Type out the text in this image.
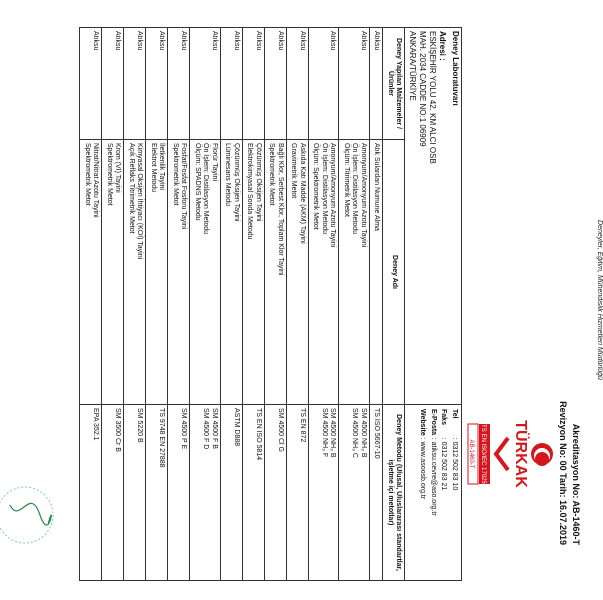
Deneyler, Eğitim, Mühendislik Hizmetleri Müdürlüğü
Akreditasyon No: AB-1460-T
Revizyon No: 00 Tarih: 16.07.2019
TÜRKAK
TS EN ISO/IEC 17025
AB-1460-T
Deney Laboratuvarı
Adresi :
ESKİŞEHİR YOLU 42. KM ALCI OSB
MAH. 2034 CADDE NO:1 06909
ANKARA/TÜRKİYE

Tel	: 0312 502 83 10
Faks	: 0312 502 83 21
E-Posta	: atiksu.cevre@aso.org.tr
Website	: www.asoosb.org.tr

Deney Yapılan Malzemeler / Ürünler	Deney Adı	Deney Metodu (Ulusal, Uluslararası standartlar, işletme içi metotlar)
Atıksu	
Atık Sulardan Numune Alma

TS ISO 5667-10

Atıksu	
Amonyum/Amonyum Azotu Tayini
Ön İşlem: Distilasyon Metodu
Ölçüm: Titrimetrik Metot

SM 4500 NH₃ B
SM 4500 NH₃ C

Atıksu	
Amonyum/Amonyum Azotu Tayini
Ön İşlem: Distilasyon Metodu
Ölçüm: Spektrometrik Metot

SM 4500 NH₃ B
SM 4500 NH₃ F

Atıksu	
Askıda Katı Madde (AKM) Tayini
Gravimetrik Metot

TS EN 872

Atıksu	
Bağlı Klor, Serbest Klor, Toplam Klor Tayini
Spektrometrik Metot

SM 4500 Cl G

Atıksu	
Çözünmüş Oksijen Tayini
Elektrokimyasal Sonda Metodu

TS EN ISO 5814

Atıksu	
Çözünmüş Oksijen Tayini
Lüminesans Metodu

ASTM D888

Atıksu	
Florür Tayini
Ön İşlem: Distilasyon Metodu
Ölçüm: SPADNS Metodu

SM 4500 F B
SM 4500 F D

Atıksu	
Fosfat/Fosfat Fosforu Tayini
Spektrometrik Metot

SM 4500 P E

Atıksu	
İletkenlik Tayini
Elektrot Metodu

TS 9748 EN 27888

Atıksu	
Kimyasal Oksijen İhtiyacı (KOİ) Tayini
Açık Reflaks Titrimetrik Metot

SM 5220 B

Atıksu	
Krom (VI) Tayini
Spektrometrik Metot

SM 3500 Cr B

Atıksu	
Nitrat/Nitrat Azotu Tayini
Spektrometrik Metot

EPA 352.1
